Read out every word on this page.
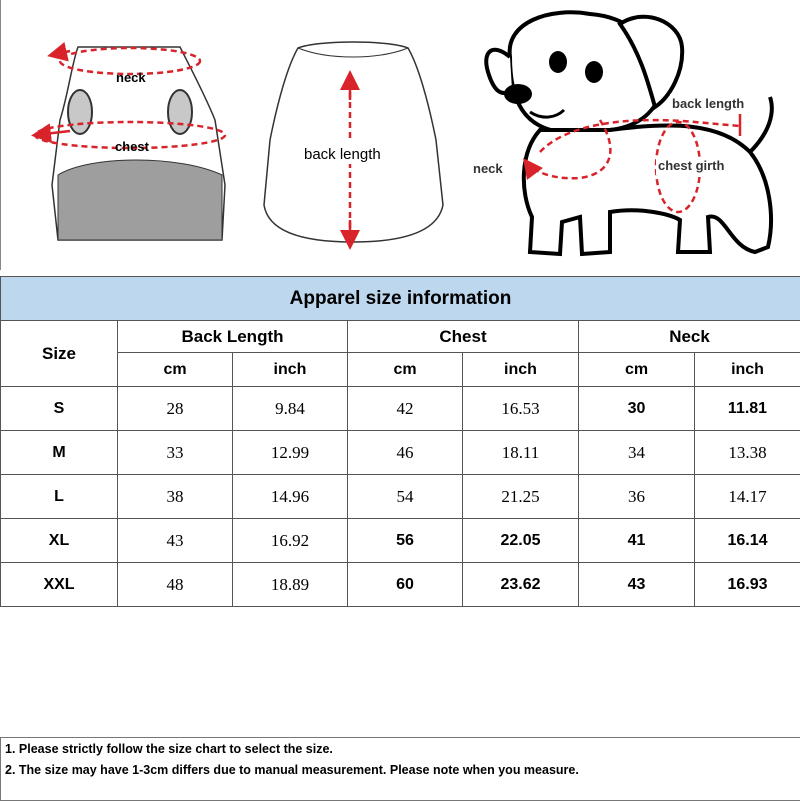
neck
chest	back length
back length
neck	chest girth
Apparel size information						
Size	Back Length		Chest		Neck	
	cm	inch	cm	inch	cm	inch
S	28	9.84	42	16.53	30	11.81
M	33	12.99	46	18.11	34	13.38
L	38	14.96	54	21.25	36	14.17
XL	43	16.92	56	22.05	41	16.14
XXL	48	18.89	60	23.62	43	16.93
1. Please strictly follow the size chart to select the size.
2. The size may have 1-3cm differs due to manual measurement. Please note when you measure.
